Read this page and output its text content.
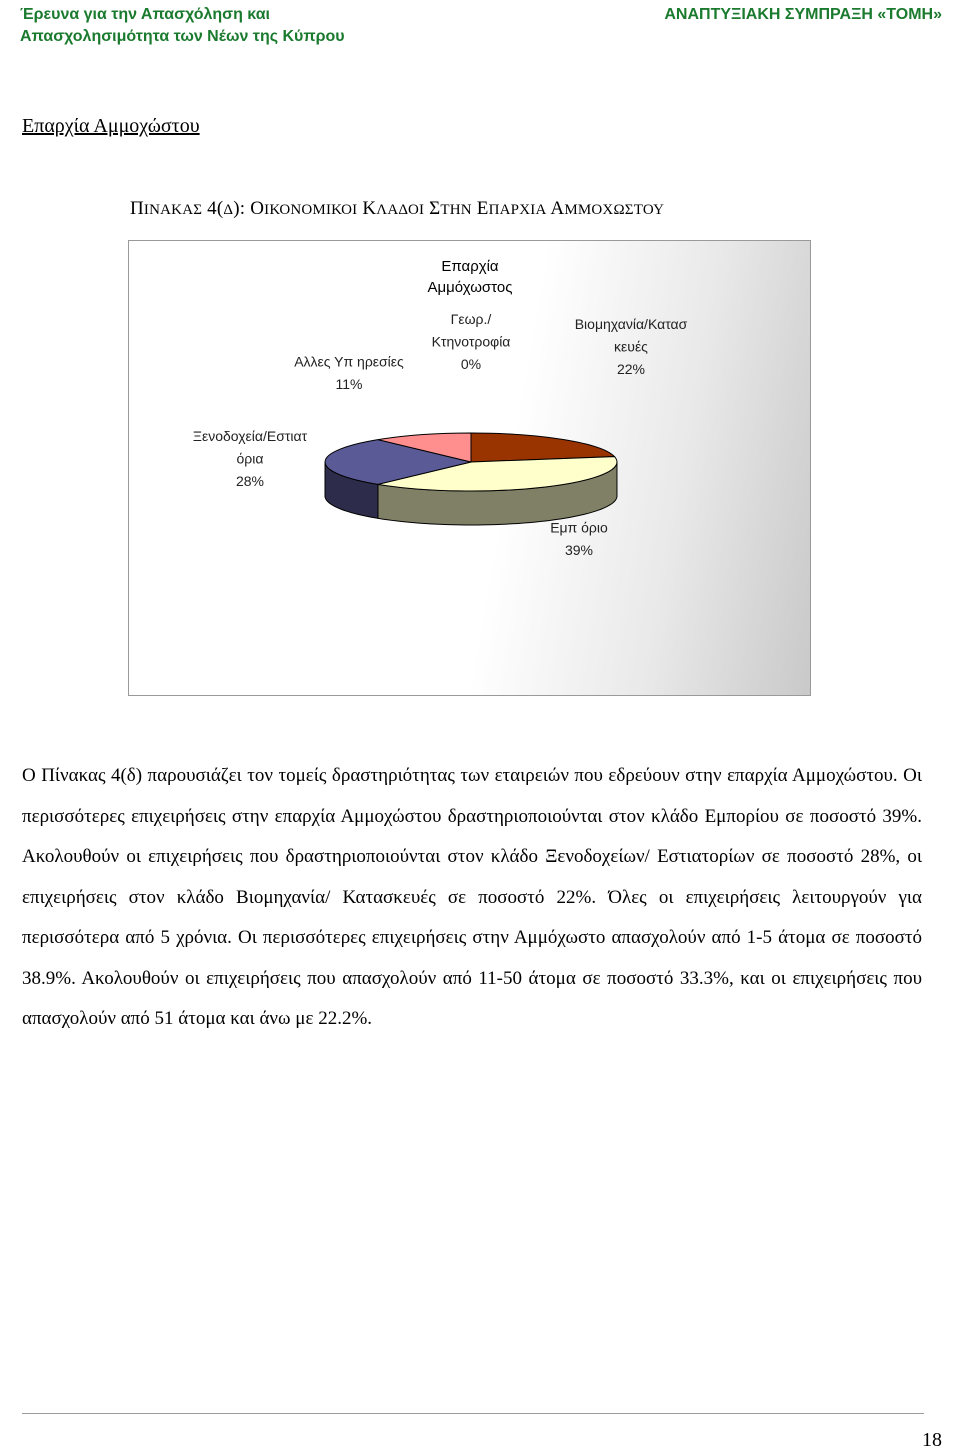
Έρευνα για την Απασχόληση και
Απασχολησιμότητα των Νέων της Κύπρου
ΑΝΑΠΤΥΞΙΑΚΗ ΣΥΜΠΡΑΞΗ «ΤΟΜΗ»
Επαρχία Αμμοχώστου
ΠΙΝΑΚΑΣ 4(Δ): ΟΙΚΟΝΟΜΙΚΟΙ ΚΛΑΔΟΙ ΣΤΗΝ ΕΠΑΡΧΙΑ ΑΜΜΟΧΩΣΤΟΥ
Επαρχία
Αμμόχωστος
Γεωρ./
Κτηνοτροφία
0%
Βιομηχανία/Κατασ
κευές
22%
Εμπ όριο
39%
Ξενοδοχεία/Εστιατ
όρια
28%
Αλλες Υπ ηρεσίες
11%

Ο Πίνακας 4(δ) παρουσιάζει τον τομείς δραστηριότητας των εταιρειών που εδρεύουν στην επαρχία Αμμοχώστου. Οι περισσότερες επιχειρήσεις στην επαρχία Αμμοχώστου δραστηριοποιούνται στον κλάδο Εμπορίου σε ποσοστό 39%. Ακολουθούν οι επιχειρήσεις που δραστηριοποιούνται στον κλάδο Ξενοδοχείων/ Εστιατορίων σε ποσοστό 28%, οι επιχειρήσεις στον κλάδο Βιομηχανία/ Κατασκευές σε ποσοστό 22%. Όλες οι επιχειρήσεις λειτουργούν για περισσότερα από 5 χρόνια. Οι περισσότερες επιχειρήσεις στην Αμμόχωστο απασχολούν από 1-5 άτομα σε ποσοστό 38.9%. Ακολουθούν οι επιχειρήσεις που απασχολούν από 11-50 άτομα σε ποσοστό 33.3%, και οι επιχειρήσεις που απασχολούν από 51 άτομα και άνω με 22.2%.

18
